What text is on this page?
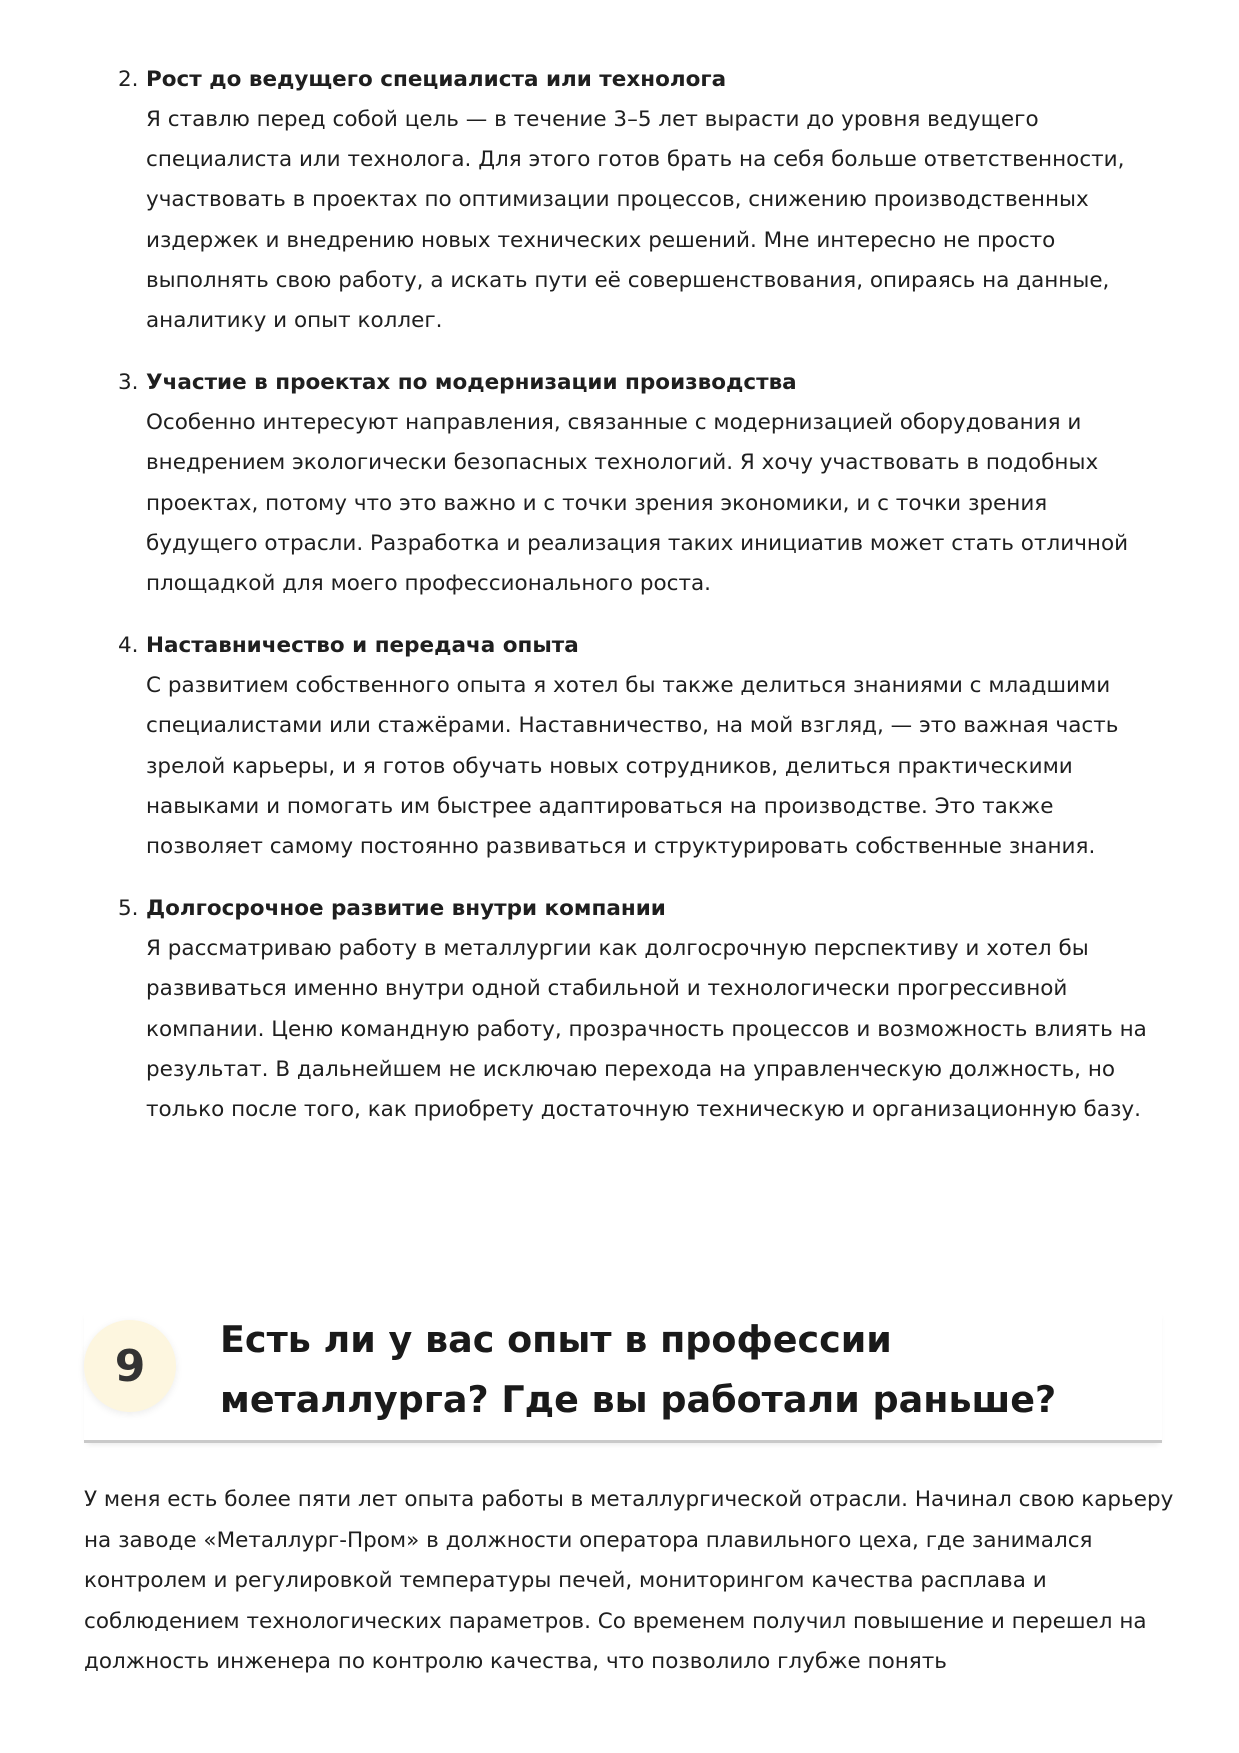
2. Рост до ведущего специалиста или технолога
Я ставлю перед собой цель — в течение 3–5 лет вырасти до уровня ведущего специалиста или технолога. Для этого готов брать на себя больше ответственности, участвовать в проектах по оптимизации процессов, снижению производственных издержек и внедрению новых технических решений. Мне интересно не просто выполнять свою работу, а искать пути её совершенствования, опираясь на данные, аналитику и опыт коллег.
3. Участие в проектах по модернизации производства
Особенно интересуют направления, связанные с модернизацией оборудования и внедрением экологически безопасных технологий. Я хочу участвовать в подобных проектах, потому что это важно и с точки зрения экономики, и с точки зрения будущего отрасли. Разработка и реализация таких инициатив может стать отличной площадкой для моего профессионального роста.
4. Наставничество и передача опыта
С развитием собственного опыта я хотел бы также делиться знаниями с младшими специалистами или стажёрами. Наставничество, на мой взгляд, — это важная часть зрелой карьеры, и я готов обучать новых сотрудников, делиться практическими навыками и помогать им быстрее адаптироваться на производстве. Это также позволяет самому постоянно развиваться и структурировать собственные знания.
5. Долгосрочное развитие внутри компании
Я рассматриваю работу в металлургии как долгосрочную перспективу и хотел бы развиваться именно внутри одной стабильной и технологически прогрессивной компании. Ценю командную работу, прозрачность процессов и возможность влиять на результат. В дальнейшем не исключаю перехода на управленческую должность, но только после того, как приобрету достаточную техническую и организационную базу.
9
Есть ли у вас опыт в профессии металлурга? Где вы работали раньше?

У меня есть более пяти лет опыта работы в металлургической отрасли. Начинал свою карьеру на заводе «Металлург-Пром» в должности оператора плавильного цеха, где занимался контролем и регулировкой температуры печей, мониторингом качества расплава и соблюдением технологических параметров. Со временем получил повышение и перешел на должность инженера по контролю качества, что позволило глубже понять
